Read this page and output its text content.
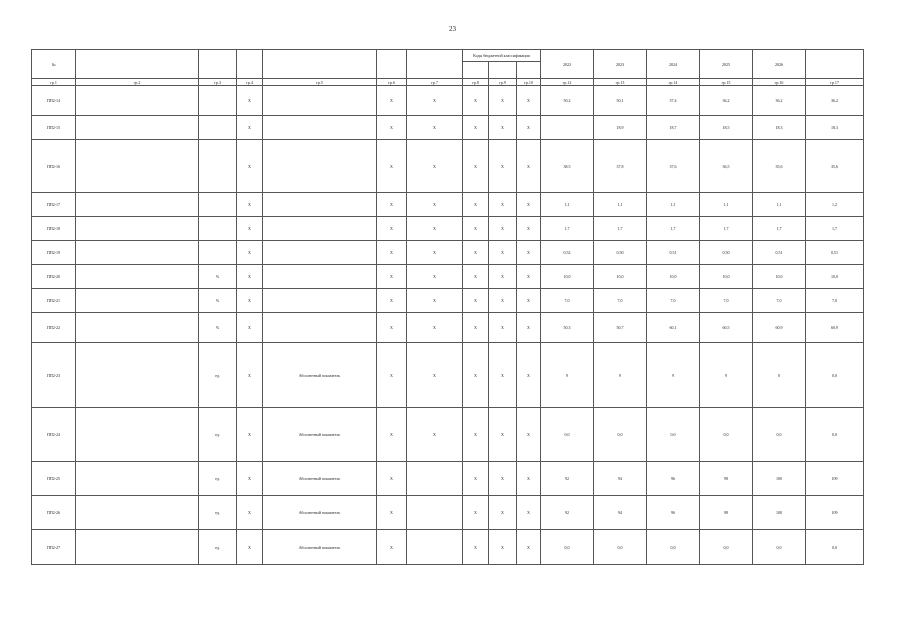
23
№							Коды бюджетной классификации			2022	2023	2024	2025	2026	

гр.1	гр.2	гр.3	гр.4	гр.5	гр.6	гр.7	гр.8	гр.9	гр.10	гр.12	гр.13	гр.14	гр.15	гр.16	гр.17
ПП2-14			Х		Х	Х	Х	Х	Х	50,2	50,1	37,4	36,2	36,2	36,2
ПП2-15			Х		Х	Х	Х	Х	Х		18,9	18,7	18,5	18,3	18,3
ПП2-16			Х		Х	Х	Х	Х	Х	38,5	37,8	37,6	36,5	35,6	35,6
ПП2-17			Х		Х	Х	Х	Х	Х	1,1	1,1	1,1	1,1	1,1	1,2
ПП2-18			Х		Х	Х	Х	Х	Х	1,7	1,7	1,7	1,7	1,7	1,7
ПП2-19			Х		Х	Х	Х	Х	Х	0,52	0,50	0,51	0,50	0,51	0,51
ПП2-20		%	Х		Х	Х	Х	Х	Х	10,0	10,0	10,0	10,0	10,0	10,0
ПП2-21		%	Х		Х	Х	Х	Х	Х	7,0	7,0	7,0	7,0	7,0	7,0
ПП2-22		%	Х		Х	Х	Х	Х	Х	50,3	50,7	60,1	60,5	60,9	60,9
ПП2-23		ед.	Х	Абсолютный показатель	Х	Х	Х	Х	Х	9	9	9	9	0	0,0
ПП2-24		ед.	Х	Абсолютный показатель	Х	Х	Х	Х	Х	0,0	0,0	0,0	0,0	0,0	0,0
ПП2-25		ед.	Х	Абсолютный показатель	Х		Х	Х	Х	92	94	96	98	100	109
ПП2-26		ед.	Х	Абсолютный показатель	Х		Х	Х	Х	92	94	96	98	100	109
ПП2-27		ед.	Х	Абсолютный показатель	Х		Х	Х	Х	0,0	0,0	0,0	0,0	0,0	0,0
